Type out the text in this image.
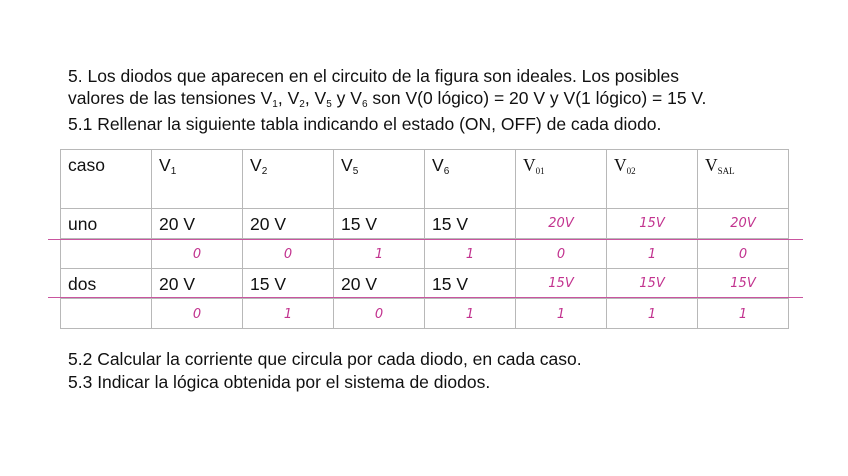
5. Los diodos que aparecen en el circuito de la figura son ideales. Los posibles
valores de las tensiones $V_1$, $V_2$, $V_5$ y $V_6$ son V(0 lógico) = 20 V y V(1 lógico) = 15 V.
5.1 Rellenar la siguiente tabla indicando el estado (ON, OFF) de cada diodo.
caso	$V_1$	$V_2$	$V_5$	$V_6$	$V_{01}$	$V_{02}$	$V_{SAL}$
uno	20 V	20 V	15 V	15 V	20V	15V	20V

	0	0	1	1	0	1	0

dos	20 V	15 V	20 V	15 V	15V	15V	15V

	0	1	0	1	1	1	1
5.2 Calcular la corriente que circula por cada diodo, en cada caso.
5.3 Indicar la lógica obtenida por el sistema de diodos.
